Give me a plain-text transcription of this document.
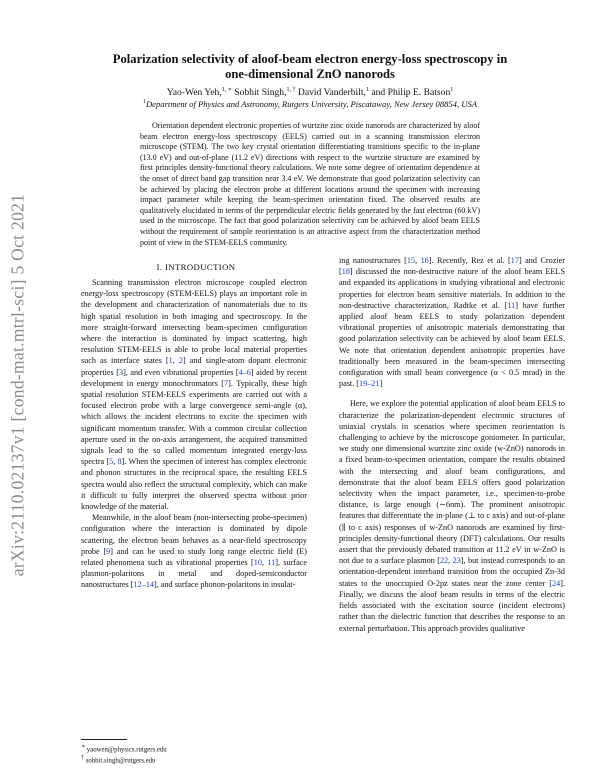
arXiv:2110.02137v1 [cond-mat.mtrl-sci] 5 Oct 2021
Polarization selectivity of aloof-beam electron energy-loss spectroscopy in
one-dimensional ZnO nanorods
Yao-Wen Yeh,$^{1, ∗}$ Sobhit Singh,$^{1, \dagger}$ David Vanderbilt,$^1$ and Philip E. Batson$^1$
$^1$Department of Physics and Astronomy, Rutgers University, Piscataway, New Jersey 08854, USA

Orientation dependent electronic properties of wurtzite zinc oxide nanorods are characterized by aloof beam electron energy-loss spectroscopy (EELS) carried out in a scanning transmission electron microscope (STEM). The two key crystal orientation differentiating transitions specific to the in-plane (13.0 eV) and out-of-plane (11.2 eV) directions with respect to the wurtzite structure are examined by first principles density-functional theory calculations. We note some degree of orientation dependence at the onset of direct band gap transition near 3.4 eV. We demonstrate that good polarization selectivity can be achieved by placing the electron probe at different locations around the specimen with increasing impact parameter while keeping the beam-specimen orientation fixed. The observed results are qualitatively elucidated in terms of the perpendicular electric fields generated by the fast electron (60 kV) used in the microscope. The fact that good polarization selectivity can be achieved by aloof beam EELS without the requirement of sample reorientation is an attractive aspect from the characterization method point of view in the STEM-EELS community.

I. INTRODUCTION

Scanning transmission electron microscope coupled electron energy-loss spectroscopy (STEM-EELS) plays an important role in the development and characterization of nanomaterials due to its high spatial resolution in both imaging and spectroscopy. In the more straight-forward intersecting beam-specimen configuration where the interaction is dominated by impact scattering, high resolution STEM-EELS is able to probe local material properties such as interface states [1, 2] and single-atom dopant electronic properties [3], and even vibrational properties [4–6] aided by recent development in energy monochromators [7]. Typically, these high spatial resolution STEM-EELS experiments are carried out with a focused electron probe with a large convergence semi-angle (α), which allows the incident electrons to excite the specimen with significant momentum transfer. With a common circular collection aperture used in the on-axis arrangement, the acquired transmitted signals lead to the so called momentum integrated energy-loss spectra [5, 8]. When the specimen of interest has complex electronic and phonon structures in the reciprocal space, the resulting EELS spectra would also reflect the structural complexity, which can make it difficult to fully interpret the observed spectra without prior knowledge of the material.

Meanwhile, in the aloof beam (non-intersecting probe-specimen) configuration where the interaction is dominated by dipole scattering, the electron beam behaves as a near-field spectroscopy probe [9] and can be used to study long range electric field (E) related phenomena such as vibrational properties [10, 11], surface plasmon-polaritons in metal and doped-semiconductor nanostructures [12–14], and surface phonon-polaritons in insulat-

ing nanostructures [15, 16]. Recently, Rez et al. [17] and Crozier [18] discussed the non-destructive nature of the aloof beam EELS and expanded its applications in studying vibrational and electronic properties for electron beam sensitive materials. In addition to the non-destructive characterization, Radtke et al. [11] have further applied aloof beam EELS to study polarization dependent vibrational properties of anisotropic materials demonstrating that good polarization selectivity can be achieved by aloof beam EELS. We note that orientation dependent anisotropic properties have traditionally been measured in the beam-specimen intersecting configuration with small beam convergence (α < 0.5 mrad) in the past. [19–21]

Here, we explore the potential application of aloof beam EELS to characterize the polarization-dependent electronic structures of uniaxial crystals in scenarios where specimen reorientation is challenging to achieve by the microscope goniometer. In particular, we study one dimensional wurtzite zinc oxide (w-ZnO) nanorods in a fixed beam-to-specimen orientation, compare the results obtained with the intersecting and aloof beam configurations, and demonstrate that the aloof beam EELS offers good polarization selectivity when the impact parameter, i.e., specimen-to-probe distance, is large enough (∼6nm). The prominent anisotropic features that differentiate the in-plane (⊥ to c axis) and out-of-plane (∥ to c axis) responses of w-ZnO nanorods are examined by first-principles density-functional theory (DFT) calculations. Our results assert that the previously debated transition at 11.2 eV in w-ZnO is not due to a surface plasmon [22, 23], but instead corresponds to an orientation-dependent interband transition from the occupied Zn-3d states to the unoccupied O-2pz states near the zone center [24]. Finally, we discuss the aloof beam results in terms of the electric fields associated with the excitation source (incident electrons) rather than the dielectric function that describes the response to an external perturbation. This approach provides qualitative

∗ yaowen@physics.rutgers.edu
† sobhit.singh@rutgers.edu
